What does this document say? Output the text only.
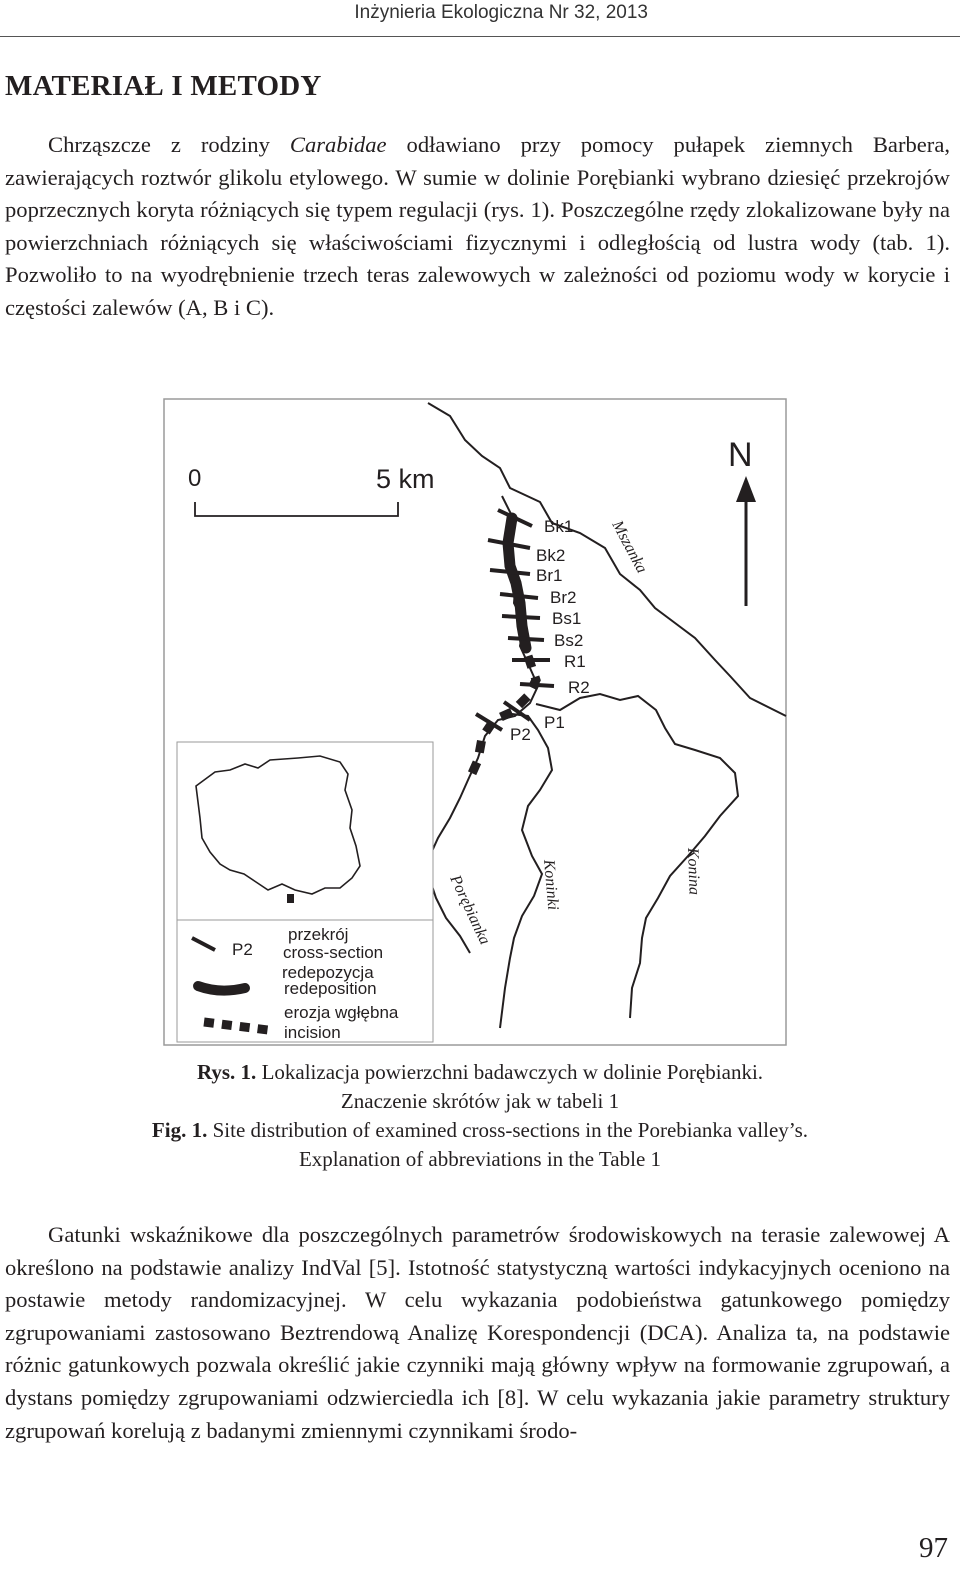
Inżynieria Ekologiczna Nr 32, 2013
MATERIAŁ I METODY

Chrząszcze z rodziny Carabidae odławiano przy pomocy pułapek ziemnych Barbera, zawierających roztwór glikolu etylowego. W sumie w dolinie Porębianki wybrano dziesięć przekrojów poprzecznych koryta różniących się typem regulacji (rys. 1). Poszczególne rzędy zlokalizowane były na powierzchniach różniących się właściwościami fizycznymi i odległością od lustra wody (tab. 1). Pozwoliło to na wyodrębnienie trzech teras zalewowych w zależności od poziomu wody w korycie i częstości zalewów (A, B i C).

0	5 km
N
Bk1
Bk2
Br1
Br2
Bs1
Bs2
R1
R2
P1
P2
Mszanka
Porębianka	Koninki	Konina
P2
przekrój
cross-section
redepozycja
redeposition
erozja wgłębna
incision
Rys. 1. Lokalizacja powierzchni badawczych w dolinie Porębianki.
Znaczenie skrótów jak w tabeli 1
Fig. 1. Site distribution of examined cross-sections in the Porebianka valley’s.
Explanation of abbreviations in the Table 1

Gatunki wskaźnikowe dla poszczególnych parametrów środowiskowych na terasie zalewowej A określono na podstawie analizy IndVal [5]. Istotność statystyczną wartości indykacyjnych oceniono na postawie metody randomizacyjnej. W celu wykazania podobieństwa gatunkowego pomiędzy zgrupowaniami zastosowano Beztrendową Analizę Korespondencji (DCA). Analiza ta, na podstawie różnic gatunkowych pozwala określić jakie czynniki mają główny wpływ na formowanie zgrupowań, a dystans pomiędzy zgrupowaniami odzwierciedla ich [8]. W celu wykazania jakie parametry struktury zgrupowań korelują z badanymi zmiennymi czynnikami środo-

97
